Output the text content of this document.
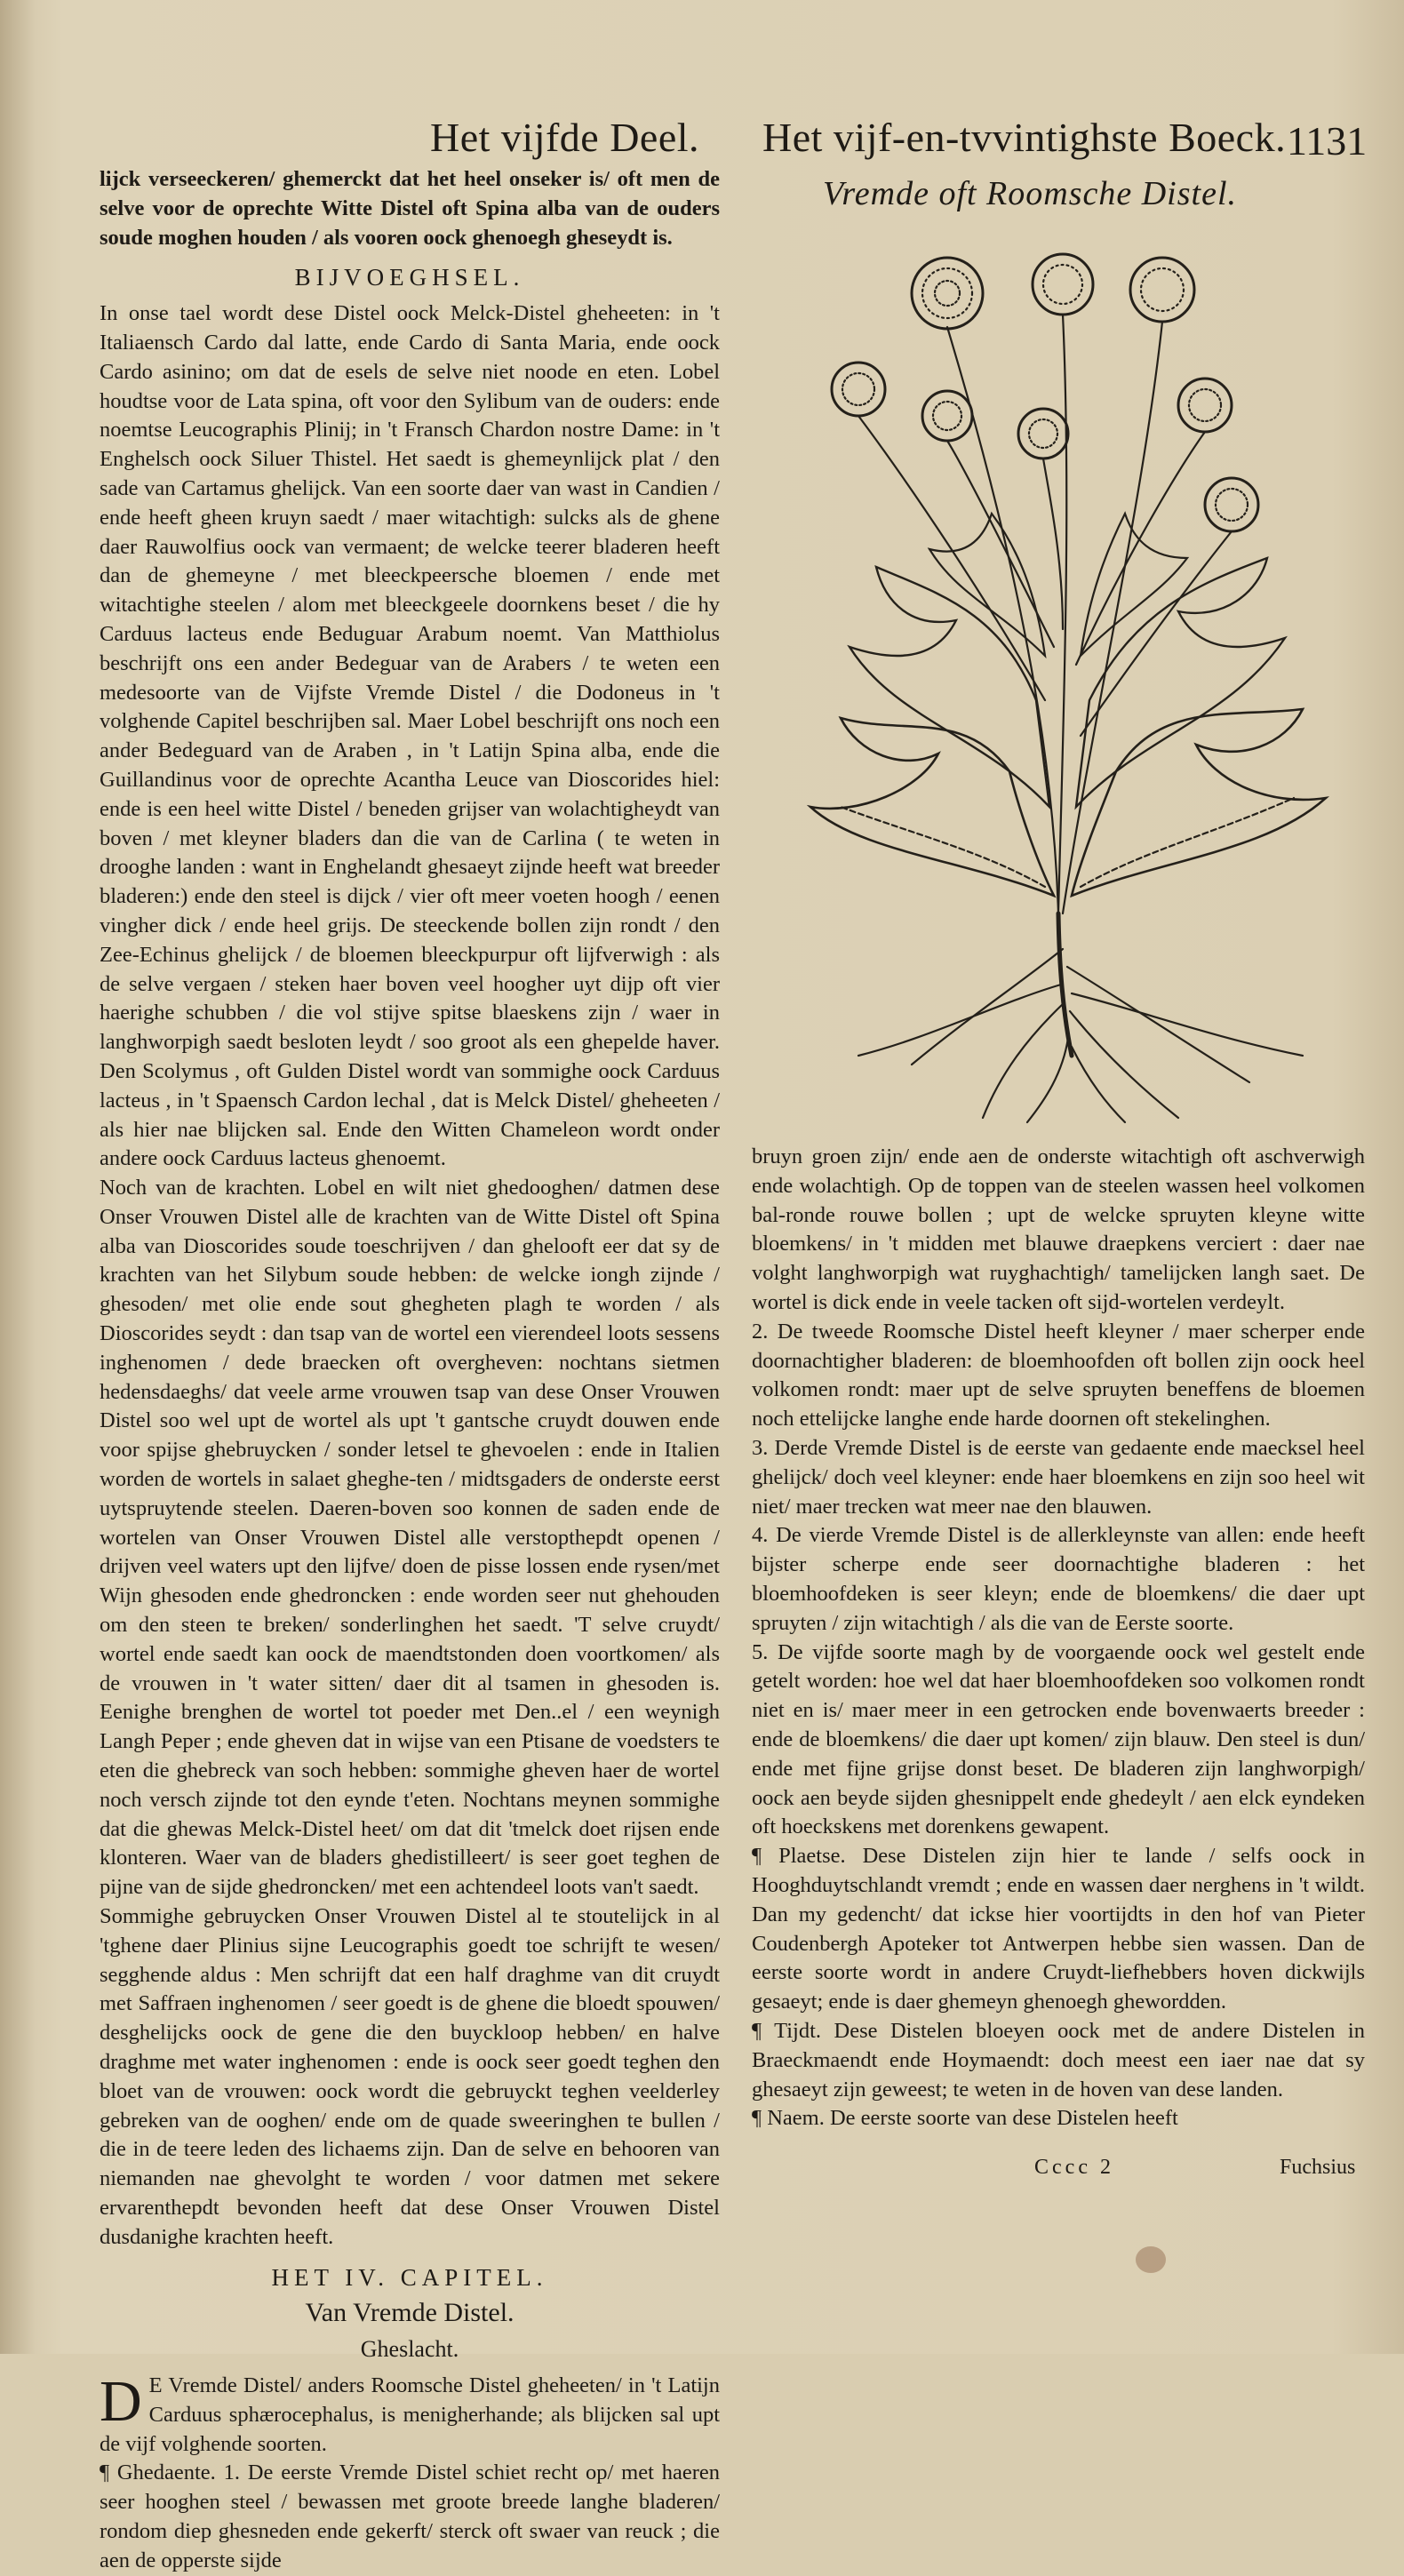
Het vijfde Deel. Het vijf-en-tvvintighste Boeck. 1131

lijck verseeckeren/ ghemerckt dat het heel onseker is/ oft men de selve voor de oprechte Witte Distel oft Spina alba van de ouders soude moghen houden / als vooren oock ghenoegh gheseydt is.

BIJVOEGHSEL.

In onse tael wordt dese Distel oock Melck-Distel gheheeten: in 't Italiaensch Cardo dal latte, ende Cardo di Santa Maria, ende oock Cardo asinino; om dat de esels de selve niet noode en eten. Lobel houdtse voor de Lata spina, oft voor den Sylibum van de ouders: ende noemtse Leucographis Plinij; in 't Fransch Chardon nostre Dame: in 't Enghelsch oock Siluer Thistel. Het saedt is ghemeynlijck plat / den sade van Cartamus ghelijck. Van een soorte daer van wast in Candien / ende heeft gheen kruyn saedt / maer witachtigh: sulcks als de ghene daer Rauwolfius oock van vermaent; de welcke teerer bladeren heeft dan de ghemeyne / met bleeckpeersche bloemen / ende met witachtighe steelen / alom met bleeckgeele doornkens beset / die hy Carduus lacteus ende Beduguar Arabum noemt. Van Matthiolus beschrijft ons een ander Bedeguar van de Arabers / te weten een medesoorte van de Vijfste Vremde Distel / die Dodoneus in 't volghende Capitel beschrijben sal. Maer Lobel beschrijft ons noch een ander Bedeguard van de Araben , in 't Latijn Spina alba, ende die Guillandinus voor de oprechte Acantha Leuce van Dioscorides hiel: ende is een heel witte Distel / beneden grijser van wolachtigheydt van boven / met kleyner bladers dan die van de Carlina ( te weten in drooghe landen : want in Enghelandt ghesaeyt zijnde heeft wat breeder bladeren:) ende den steel is dijck / vier oft meer voeten hoogh / eenen vingher dick / ende heel grijs. De steeckende bollen zijn rondt / den Zee-Echinus ghelijck / de bloemen bleeckpurpur oft lijfverwigh : als de selve vergaen / steken haer boven veel hoogher uyt dijp oft vier haerighe schubben / die vol stijve spitse blaeskens zijn / waer in langhworpigh saedt besloten leydt / soo groot als een ghepelde haver. Den Scolymus , oft Gulden Distel wordt van sommighe oock Carduus lacteus , in 't Spaensch Cardon lechal , dat is Melck Distel/ gheheeten / als hier nae blijcken sal. Ende den Witten Chameleon wordt onder andere oock Carduus lacteus ghenoemt.

Noch van de krachten. Lobel en wilt niet ghedooghen/ datmen dese Onser Vrouwen Distel alle de krachten van de Witte Distel oft Spina alba van Dioscorides soude toeschrijven / dan ghelooft eer dat sy de krachten van het Silybum soude hebben: de welcke iongh zijnde / ghesoden/ met olie ende sout ghegheten plagh te worden / als Dioscorides seydt : dan tsap van de wortel een vierendeel loots sessens inghenomen / dede braecken oft overgheven: nochtans sietmen hedensdaeghs/ dat veele arme vrouwen tsap van dese Onser Vrouwen Distel soo wel upt de wortel als upt 't gantsche cruydt douwen ende voor spijse ghebruycken / sonder letsel te ghevoelen : ende in Italien worden de wortels in salaet gheghe-ten / midtsgaders de onderste eerst uytspruytende steelen. Daeren-boven soo konnen de saden ende de wortelen van Onser Vrouwen Distel alle verstopthepdt openen / drijven veel waters upt den lijfve/ doen de pisse lossen ende rysen/met Wijn ghesoden ende ghedroncken : ende worden seer nut ghehouden om den steen te breken/ sonderlinghen het saedt. 'T selve cruydt/ wortel ende saedt kan oock de maendtstonden doen voortkomen/ als de vrouwen in 't water sitten/ daer dit al tsamen in ghesoden is. Eenighe brenghen de wortel tot poeder met Den..el / een weynigh Langh Peper ; ende gheven dat in wijse van een Ptisane de voedsters te eten die ghebreck van soch hebben: sommighe gheven haer de wortel noch versch zijnde tot den eynde t'eten. Nochtans meynen sommighe dat die ghewas Melck-Distel heet/ om dat dit 'tmelck doet rijsen ende klonteren. Waer van de bladers ghedistilleert/ is seer goet teghen de pijne van de sijde ghedroncken/ met een achtendeel loots van't saedt.

Sommighe gebruycken Onser Vrouwen Distel al te stoutelijck in al 'tghene daer Plinius sijne Leucographis goedt toe schrijft te wesen/ segghende aldus : Men schrijft dat een half draghme van dit cruydt met Saffraen inghenomen / seer goedt is de ghene die bloedt spouwen/ desghelijcks oock de gene die den buyckloop hebben/ en halve draghme met water inghenomen : ende is oock seer goedt teghen den bloet van de vrouwen: oock wordt die gebruyckt teghen veelderley gebreken van de ooghen/ ende om de quade sweeringhen te bullen / die in de teere leden des lichaems zijn. Dan de selve en behooren van niemanden nae ghevolght te worden / voor datmen met sekere ervarenthepdt bevonden heeft dat dese Onser Vrouwen Distel dusdanighe krachten heeft.

HET IV. CAPITEL.

Van Vremde Distel.

Gheslacht.

D E Vremde Distel/ anders Roomsche Distel gheheeten/ in 't Latijn Carduus sphærocephalus, is menigherhande; als blijcken sal upt de vijf volghende soorten.

¶ Ghedaente. 1. De eerste Vremde Distel schiet recht op/ met haeren seer hooghen steel / bewassen met groote breede langhe bladeren/ rondom diep ghesneden ende gekerft/ sterck oft swaer van reuck ; die aen de opperste sijde

Vremde oft Roomsche Distel.

bruyn groen zijn/ ende aen de onderste witachtigh oft aschverwigh ende wolachtigh. Op de toppen van de steelen wassen heel volkomen bal-ronde rouwe bollen ; upt de welcke spruyten kleyne witte bloemkens/ in 't midden met blauwe draepkens verciert : daer nae volght langhworpigh wat ruyghachtigh/ tamelijcken langh saet. De wortel is dick ende in veele tacken oft sijd-wortelen verdeylt.

2. De tweede Roomsche Distel heeft kleyner / maer scherper ende doornachtigher bladeren: de bloemhoofden oft bollen zijn oock heel volkomen rondt: maer upt de selve spruyten beneffens de bloemen noch ettelijcke langhe ende harde doornen oft stekelinghen.

3. Derde Vremde Distel is de eerste van gedaente ende maecksel heel ghelijck/ doch veel kleyner: ende haer bloemkens en zijn soo heel wit niet/ maer trecken wat meer nae den blauwen.

4. De vierde Vremde Distel is de allerkleynste van allen: ende heeft bijster scherpe ende seer doornachtighe bladeren : het bloemhoofdeken is seer kleyn; ende de bloemkens/ die daer upt spruyten / zijn witachtigh / als die van de Eerste soorte.

5. De vijfde soorte magh by de voorgaende oock wel gestelt ende getelt worden: hoe wel dat haer bloemhoofdeken soo volkomen rondt niet en is/ maer meer in een getrocken ende bovenwaerts breeder : ende de bloemkens/ die daer upt komen/ zijn blauw. Den steel is dun/ ende met fijne grijse donst beset. De bladeren zijn langhworpigh/ oock aen beyde sijden ghesnippelt ende ghedeylt / aen elck eyndeken oft hoeckskens met dorenkens gewapent.

¶ Plaetse. Dese Distelen zijn hier te lande / selfs oock in Hooghduytschlandt vremdt ; ende en wassen daer nerghens in 't wildt. Dan my gedencht/ dat ickse hier voortijdts in den hof van Pieter Coudenbergh Apoteker tot Antwerpen hebbe sien wassen. Dan de eerste soorte wordt in andere Cruydt-liefhebbers hoven dickwijls gesaeyt; ende is daer ghemeyn ghenoegh ghewordden.

¶ Tijdt. Dese Distelen bloeyen oock met de andere Distelen in Braeckmaendt ende Hoymaendt: doch meest een iaer nae dat sy ghesaeyt zijn geweest; te weten in de hoven van dese landen.

¶ Naem. De eerste soorte van dese Distelen heeft

Cccc 2	Fuchsius
